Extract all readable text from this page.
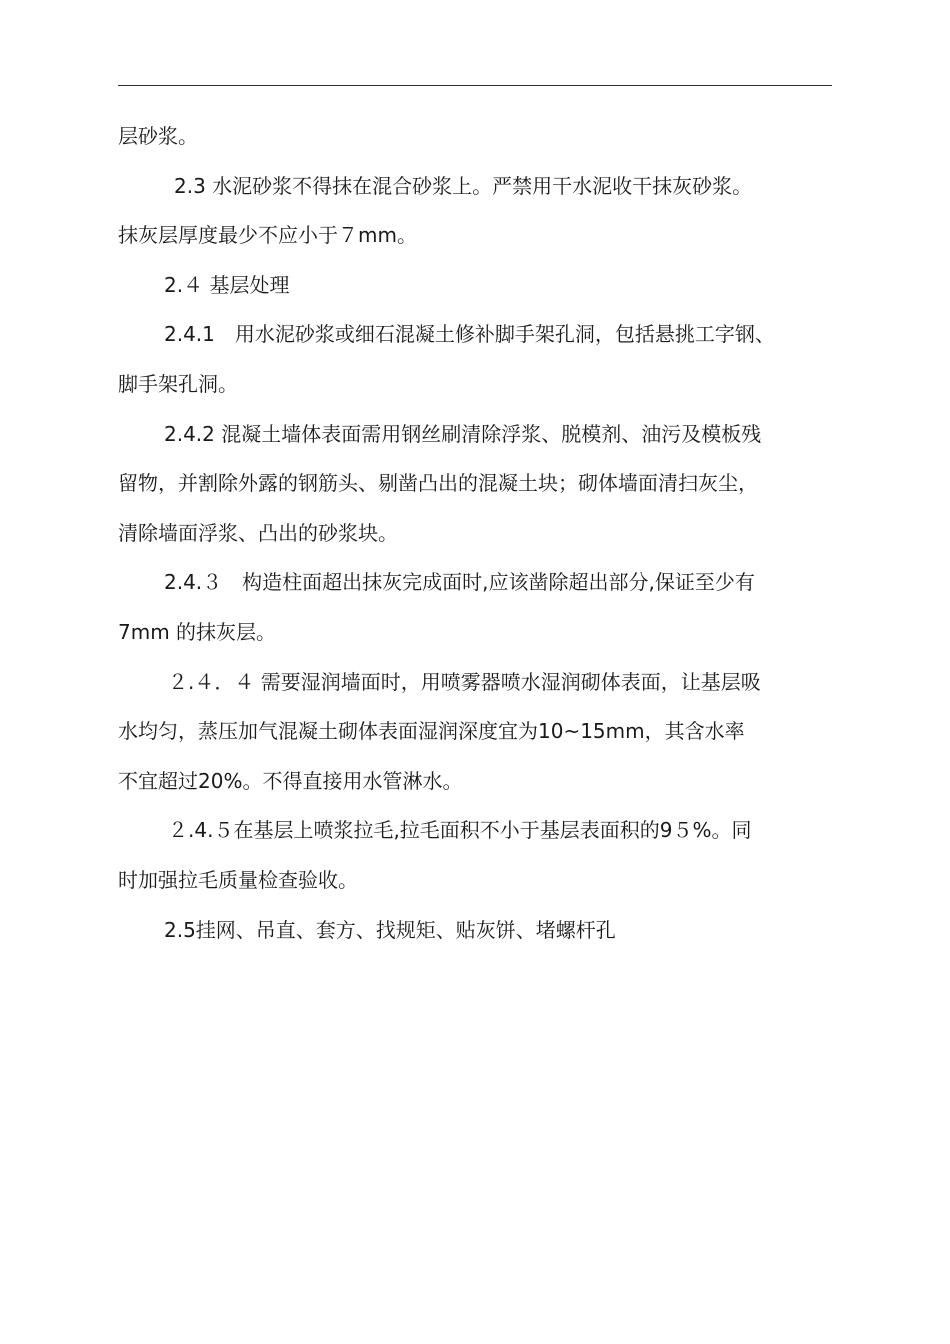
层砂浆。
2.3 水泥砂浆不得抹在混合砂浆上。严禁用干水泥收干抹灰砂浆。
抹灰层厚度最少不应小于７mm。
2.４ 基层处理
2.4.1　用水泥砂浆或细石混凝土修补脚手架孔洞，包括悬挑工字钢、
脚手架孔洞。
2.4.2 混凝土墙体表面需用钢丝刷清除浮浆、脱模剂、油污及模板残
留物，并割除外露的钢筋头、剔凿凸出的混凝土块；砌体墙面清扫灰尘，
清除墙面浮浆、凸出的砂浆块。
2.4.３　构造柱面超出抹灰完成面时,应该凿除超出部分,保证至少有
7mm 的抹灰层。
２.４．４ 需要湿润墙面时，用喷雾器喷水湿润砌体表面，让基层吸
水均匀，蒸压加气混凝土砌体表面湿润深度宜为10~15mm，其含水率
不宜超过20%。不得直接用水管淋水。
２.4.５在基层上喷浆拉毛,拉毛面积不小于基层表面积的9５%。同
时加强拉毛质量检查验收。
2.5挂网、吊直、套方、找规矩、贴灰饼、堵螺杆孔
